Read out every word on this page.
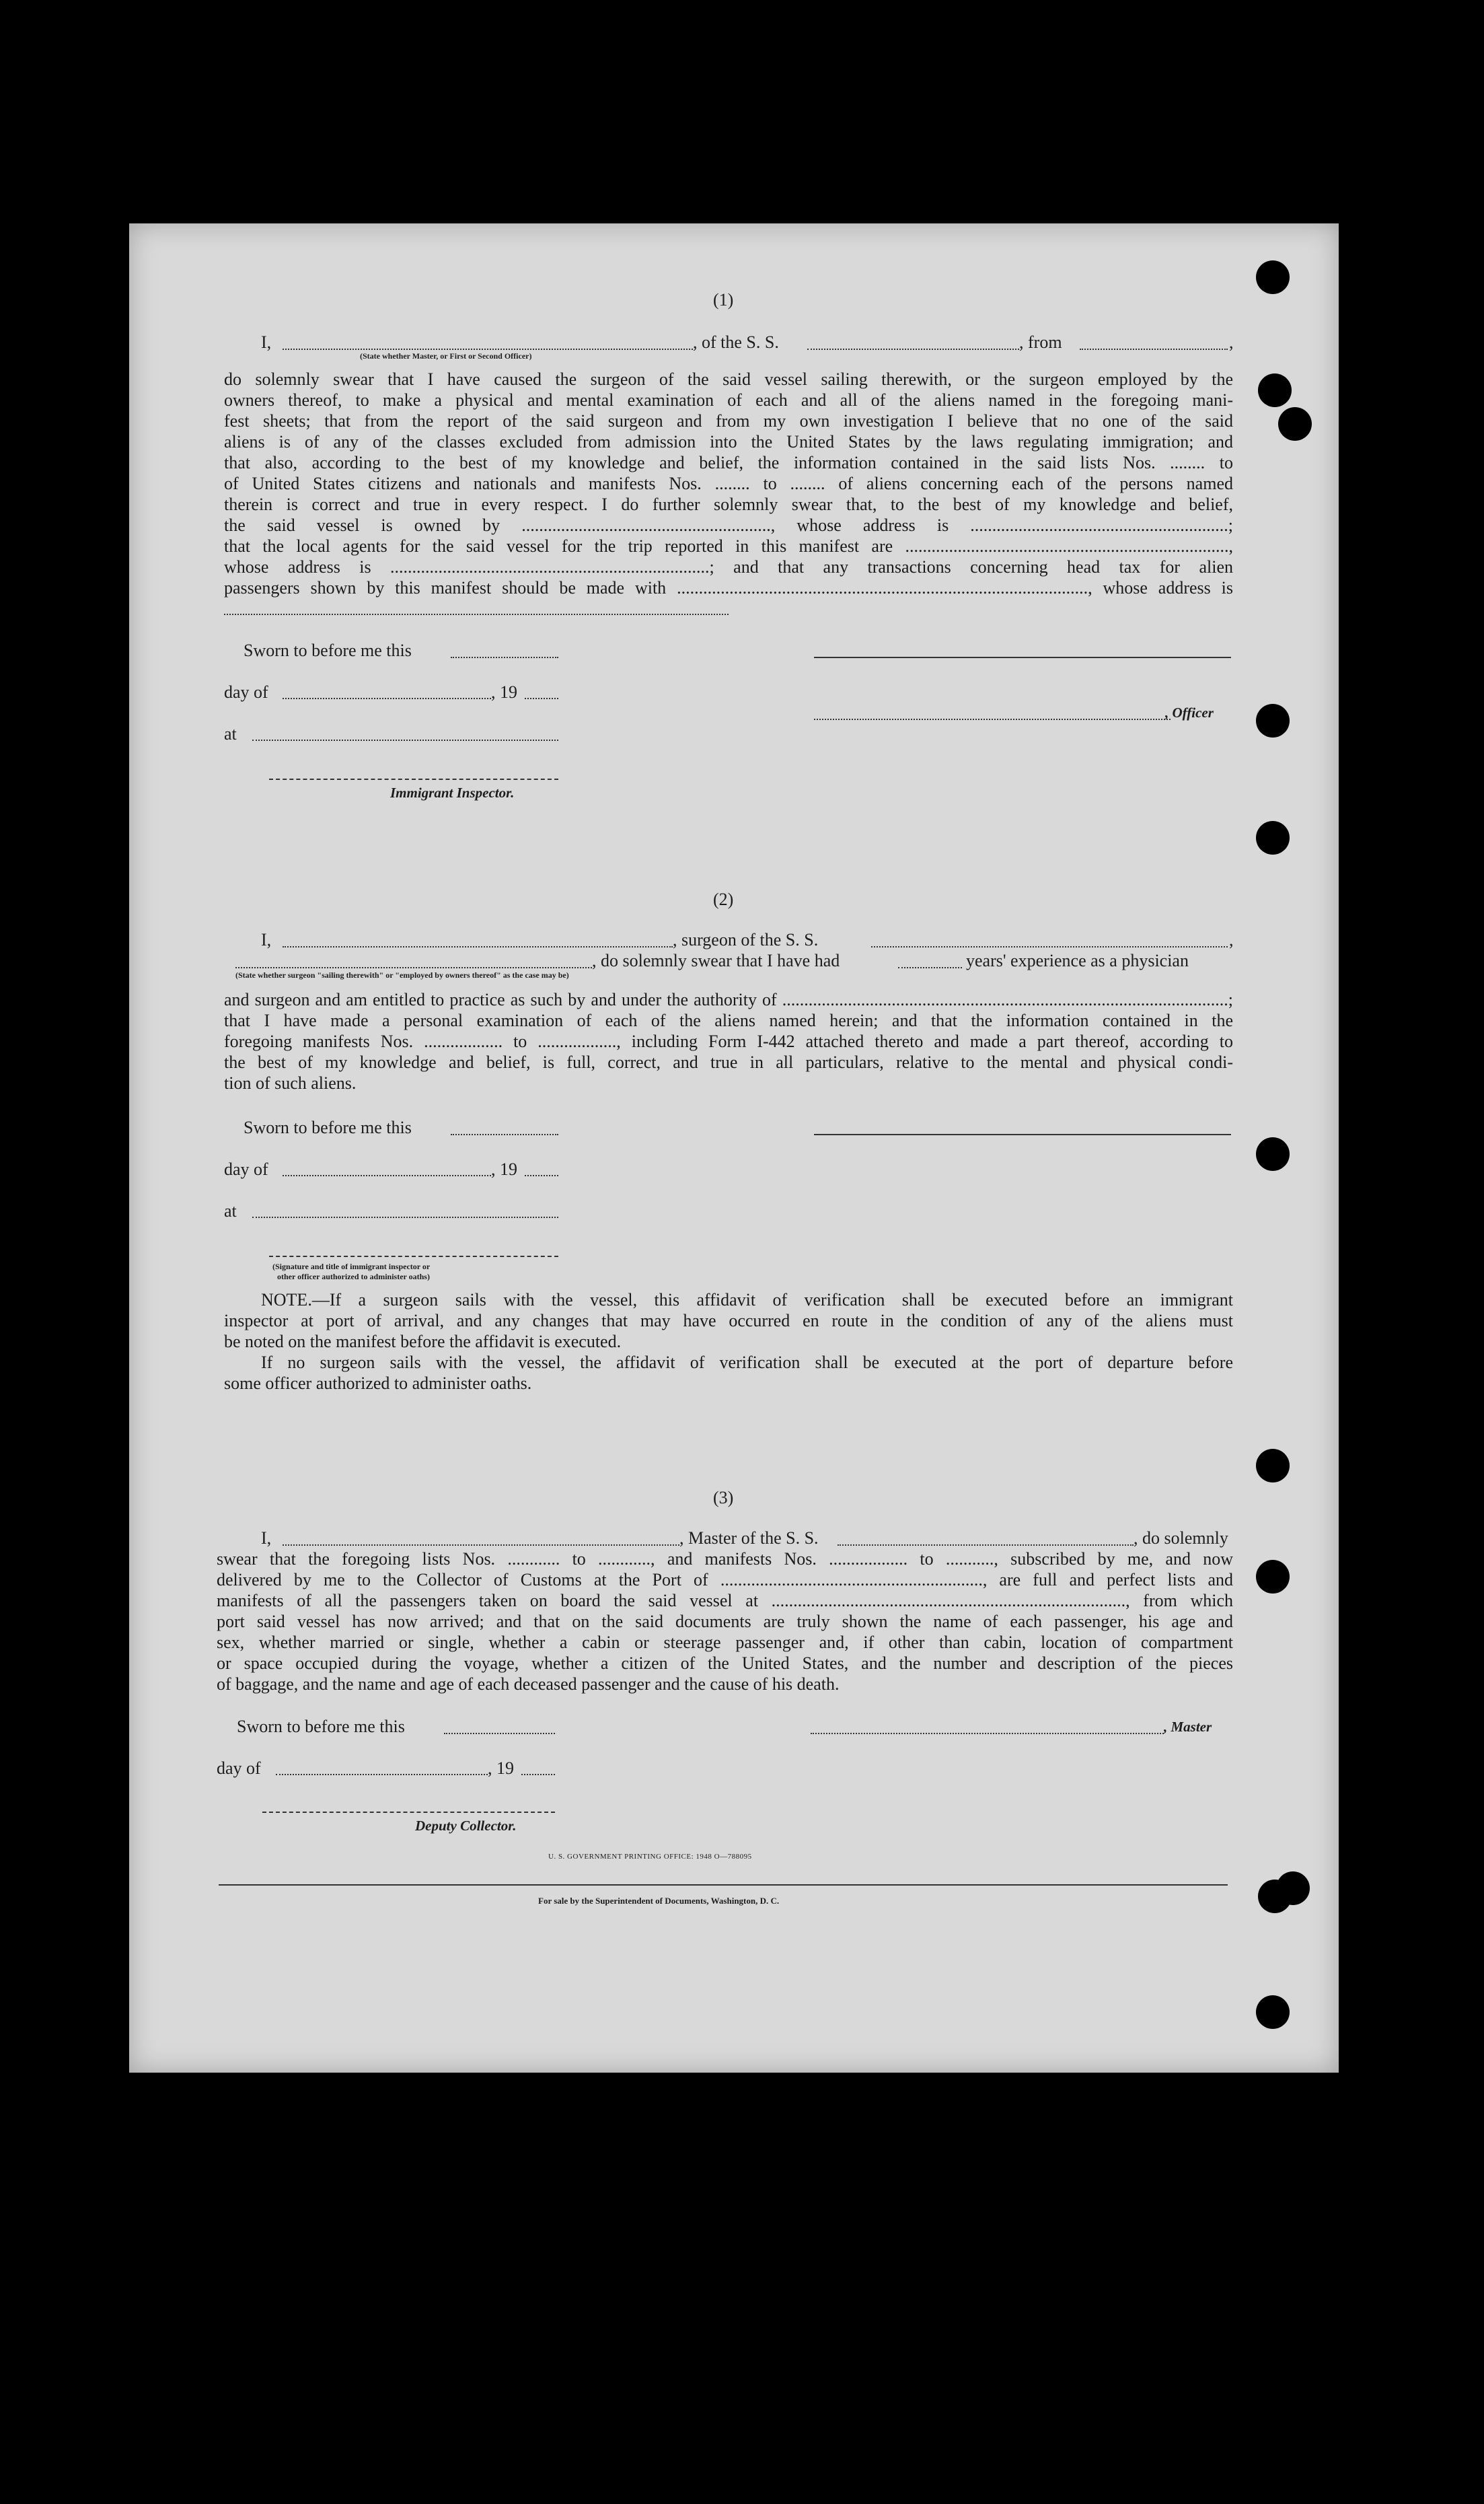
(1)
I,	, of the S. S.	, from	,
(State whether Master, or First or Second Officer)

do solemnly swear that I have caused the surgeon of the said vessel sailing therewith, or the surgeon employed by the

owners thereof, to make a physical and mental examination of each and all of the aliens named in the foregoing mani-

fest sheets; that from the report of the said surgeon and from my own investigation I believe that no one of the said

aliens is of any of the classes excluded from admission into the United States by the laws regulating immigration; and

that also, according to the best of my knowledge and belief, the information contained in the said lists Nos. ........ to

of United States citizens and nationals and manifests Nos. ........ to ........ of aliens concerning each of the persons named

therein is correct and true in every respect. I do further solemnly swear that, to the best of my knowledge and belief,

the said vessel is owned by ........................................................., whose address is ...........................................................;

that the local agents for the said vessel for the trip reported in this manifest are ..........................................................................,

whose address is .........................................................................; and that any transactions concerning head tax for alien

passengers shown by this manifest should be made with .............................................................................................., whose address is

Sworn to before me this
day of	, 19
, Officer
at
Immigrant Inspector.
(2)
I,	, surgeon of the S. S.	,
, do solemnly swear that I have had	years' experience as a physician
(State whether surgeon "sailing therewith" or "employed by owners thereof" as the case may be)

and surgeon and am entitled to practice as such by and under the authority of ......................................................................................................;

that I have made a personal examination of each of the aliens named herein; and that the information contained in the

foregoing manifests Nos. .................. to .................., including Form I-442 attached thereto and made a part thereof, according to

the best of my knowledge and belief, is full, correct, and true in all particulars, relative to the mental and physical condi-

tion of such aliens.

Sworn to before me this
day of	, 19
at
(Signature and title of immigrant inspector or
other officer authorized to administer oaths)

NOTE.—If a surgeon sails with the vessel, this affidavit of verification shall be executed before an immigrant

inspector at port of arrival, and any changes that may have occurred en route in the condition of any of the aliens must

be noted on the manifest before the affidavit is executed.

If no surgeon sails with the vessel, the affidavit of verification shall be executed at the port of departure before

some officer authorized to administer oaths.

(3)
I,	, Master of the S. S.	, do solemnly

swear that the foregoing lists Nos. ............ to ............, and manifests Nos. .................. to ..........., subscribed by me, and now

delivered by me to the Collector of Customs at the Port of ............................................................, are full and perfect lists and

manifests of all the passengers taken on board the said vessel at ................................................................................., from which

port said vessel has now arrived; and that on the said documents are truly shown the name of each passenger, his age and

sex, whether married or single, whether a cabin or steerage passenger and, if other than cabin, location of compartment

or space occupied during the voyage, whether a citizen of the United States, and the number and description of the pieces

of baggage, and the name and age of each deceased passenger and the cause of his death.

Sworn to before me this	, Master
day of	, 19
Deputy Collector.
U. S. GOVERNMENT PRINTING OFFICE: 1948 O—788095
For sale by the Superintendent of Documents, Washington, D. C.
